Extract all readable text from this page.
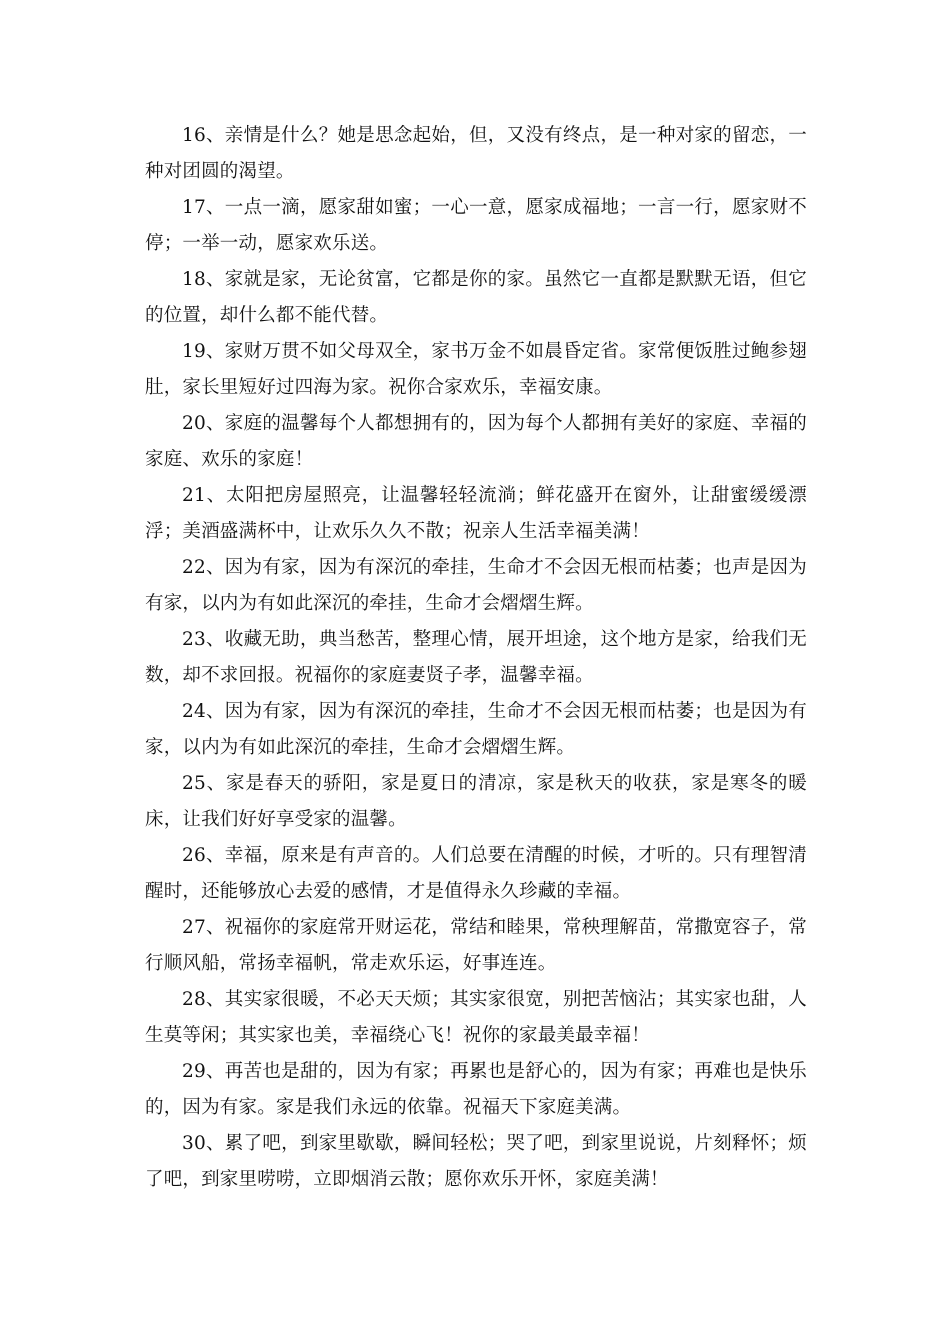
16、亲情是什么？她是思念起始，但，又没有终点，是一种对家的留恋，一种对团圆的渴望。

17、一点一滴，愿家甜如蜜；一心一意，愿家成福地；一言一行，愿家财不停；一举一动，愿家欢乐送。

18、家就是家，无论贫富，它都是你的家。虽然它一直都是默默无语，但它的位置，却什么都不能代替。

19、家财万贯不如父母双全，家书万金不如晨昏定省。家常便饭胜过鲍参翅肚，家长里短好过四海为家。祝你合家欢乐，幸福安康。

20、家庭的温馨每个人都想拥有的，因为每个人都拥有美好的家庭、幸福的家庭、欢乐的家庭！

21、太阳把房屋照亮，让温馨轻轻流淌；鲜花盛开在窗外，让甜蜜缓缓漂浮；美酒盛满杯中，让欢乐久久不散；祝亲人生活幸福美满！

22、因为有家，因为有深沉的牵挂，生命才不会因无根而枯萎；也声是因为有家，以内为有如此深沉的牵挂，生命才会熠熠生辉。

23、收藏无助，典当愁苦，整理心情，展开坦途，这个地方是家，给我们无数，却不求回报。祝福你的家庭妻贤子孝，温馨幸福。

24、因为有家，因为有深沉的牵挂，生命才不会因无根而枯萎；也是因为有家，以内为有如此深沉的牵挂，生命才会熠熠生辉。

25、家是春天的骄阳，家是夏日的清凉，家是秋天的收获，家是寒冬的暖床，让我们好好享受家的温馨。

26、幸福，原来是有声音的。人们总要在清醒的时候，才听的。只有理智清醒时，还能够放心去爱的感情，才是值得永久珍藏的幸福。

27、祝福你的家庭常开财运花，常结和睦果，常秧理解苗，常撒宽容子，常行顺风船，常扬幸福帆，常走欢乐运，好事连连。

28、其实家很暖，不必天天烦；其实家很宽，别把苦恼沾；其实家也甜，人生莫等闲；其实家也美，幸福绕心飞！祝你的家最美最幸福！

29、再苦也是甜的，因为有家；再累也是舒心的，因为有家；再难也是快乐的，因为有家。家是我们永远的依靠。祝福天下家庭美满。

30、累了吧，到家里歇歇，瞬间轻松；哭了吧，到家里说说，片刻释怀；烦了吧，到家里唠唠，立即烟消云散；愿你欢乐开怀，家庭美满！
